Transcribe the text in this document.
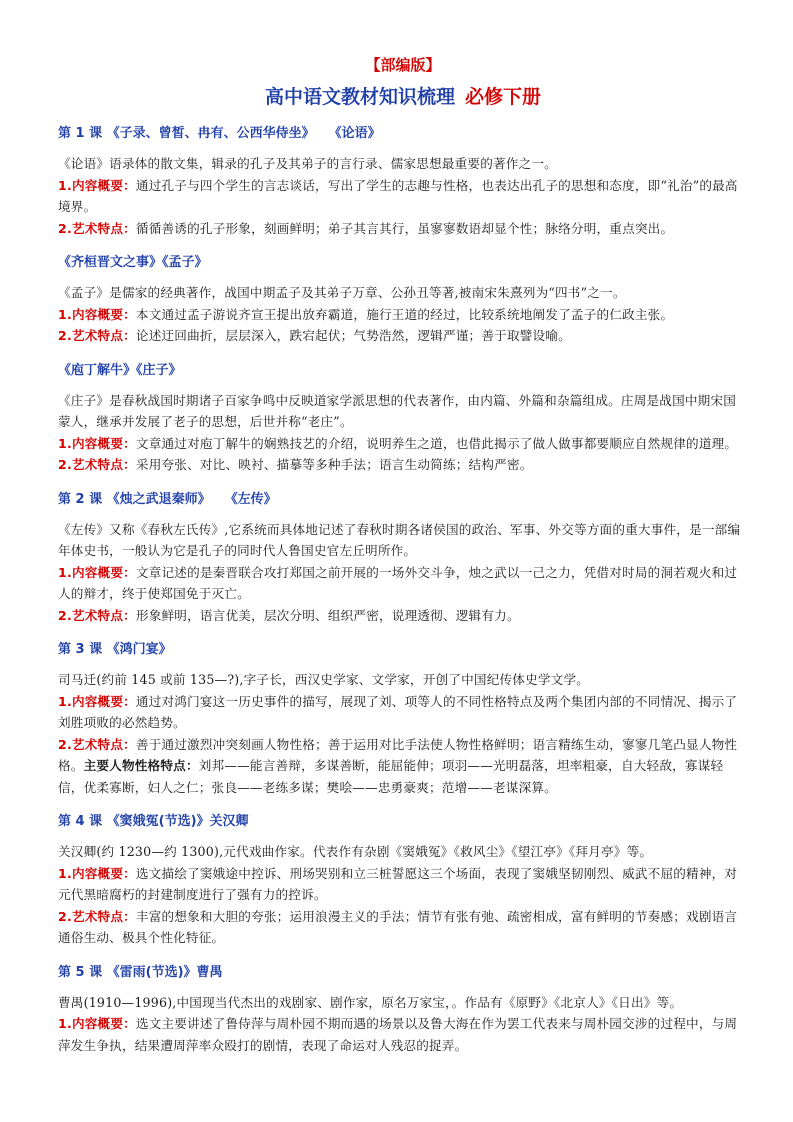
【部编版】
高中语文教材知识梳理 必修下册

第 1 课 《子录、曾皙、冉有、公西华侍坐》 《论语》

《论语》语录体的散文集，辑录的孔子及其弟子的言行录、儒家思想最重要的著作之一。

1.内容概要：通过孔子与四个学生的言志谈话，写出了学生的志趣与性格，也表达出孔子的思想和态度，即“礼治”的最高境界。

2.艺术特点：循循善诱的孔子形象，刻画鲜明；弟子其言其行，虽寥寥数语却显个性；脉络分明，重点突出。

《齐桓晋文之事》《孟子》

《孟子》是儒家的经典著作，战国中期孟子及其弟子万章、公孙丑等著,被南宋朱熹列为“四书”之一。

1.内容概要：本文通过孟子游说齐宣王提出放弃霸道，施行王道的经过，比较系统地阐发了孟子的仁政主张。

2.艺术特点：论述迂回曲折，层层深入，跌宕起伏；气势浩然，逻辑严谨；善于取譬设喻。

《庖丁解牛》《庄子》

《庄子》是春秋战国时期诸子百家争鸣中反映道家学派思想的代表著作，由内篇、外篇和杂篇组成。庄周是战国中期宋国蒙人，继承并发展了老子的思想，后世并称“老庄”。

1.内容概要：文章通过对庖丁解牛的娴熟技艺的介绍，说明养生之道，也借此揭示了做人做事都要顺应自然规律的道理。

2.艺术特点：采用夸张、对比、映衬、描摹等多种手法；语言生动简练；结构严密。

第 2 课 《烛之武退秦师》 《左传》

《左传》又称《春秋左氏传》,它系统而具体地记述了春秋时期各诸侯国的政治、军事、外交等方面的重大事件，是一部编年体史书，一般认为它是孔子的同时代人鲁国史官左丘明所作。

1.内容概要：文章记述的是秦晋联合攻打郑国之前开展的一场外交斗争，烛之武以一己之力，凭借对时局的洞若观火和过人的辩才，终于使郑国免于灭亡。

2.艺术特点：形象鲜明，语言优美，层次分明、组织严密，说理透彻、逻辑有力。

第 3 课 《鸿门宴》

司马迁(约前 145 或前 135—?),字子长，西汉史学家、文学家，开创了中国纪传体史学文学。

1.内容概要：通过对鸿门宴这一历史事件的描写，展现了刘、项等人的不同性格特点及两个集团内部的不同情况、揭示了刘胜项败的必然趋势。

2.艺术特点：善于通过激烈冲突刻画人物性格；善于运用对比手法使人物性格鲜明；语言精练生动，寥寥几笔凸显人物性格。主要人物性格特点：刘邦——能言善辩，多谋善断，能屈能伸；项羽——光明磊落，坦率粗豪，自大轻敌，寡谋轻信，优柔寡断，妇人之仁；张良——老练多谋；樊哙——忠勇豪爽；范增——老谋深算。

第 4 课 《窦娥冤(节选)》关汉卿

关汉卿(约 1230—约 1300),元代戏曲作家。代表作有杂剧《窦娥冤》《救风尘》《望江亭》《拜月亭》等。

1.内容概要：选文描绘了窦娥途中控诉、刑场哭别和立三桩誓愿这三个场面，表现了窦娥坚韧刚烈、威武不屈的精神，对元代黑暗腐朽的封建制度进行了强有力的控诉。

2.艺术特点：丰富的想象和大胆的夸张；运用浪漫主义的手法；情节有张有弛、疏密相成，富有鲜明的节奏感；戏剧语言通俗生动、极具个性化特征。

第 5 课 《雷雨(节选)》曹禺

曹禺(1910—1996),中国现当代杰出的戏剧家、剧作家，原名万家宝，。作品有《原野》《北京人》《日出》等。

1.内容概要：选文主要讲述了鲁侍萍与周朴园不期而遇的场景以及鲁大海在作为罢工代表来与周朴园交涉的过程中，与周萍发生争执，结果遭周萍率众殴打的剧情，表现了命运对人残忍的捉弄。
